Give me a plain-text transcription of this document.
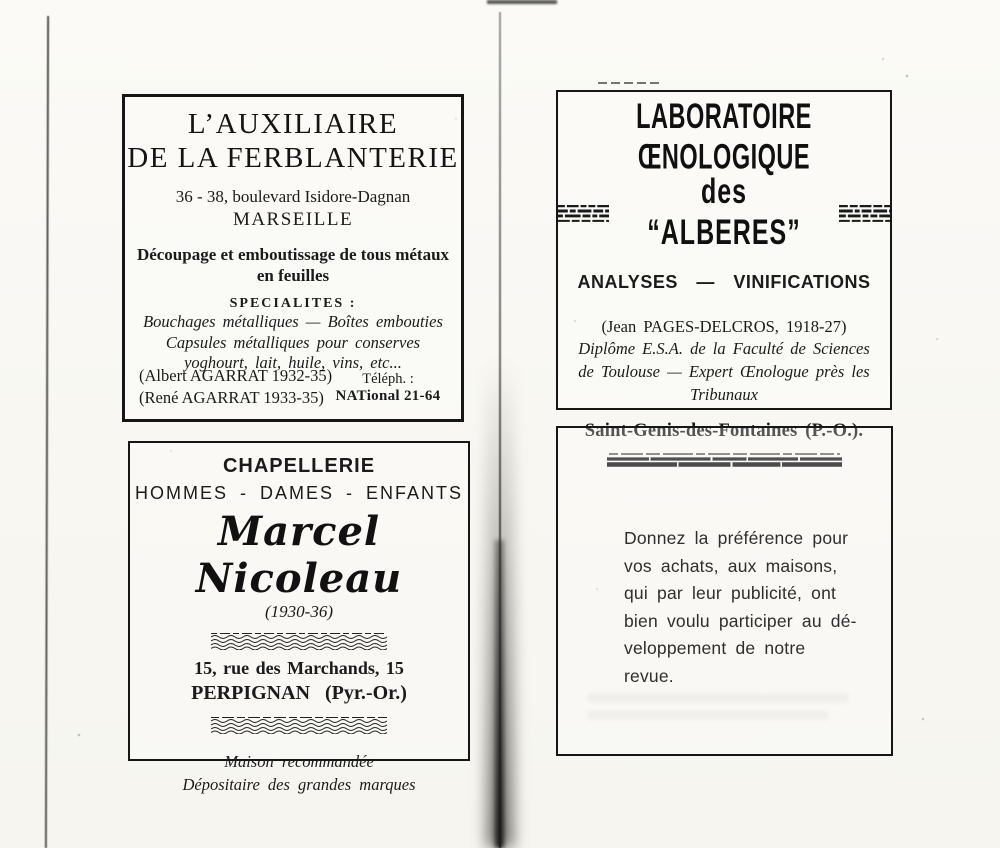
L’AUXILIAIRE
DE LA FERBLANTERIE
36 - 38, boulevard Isidore-Dagnan
MARSEILLE
Découpage et emboutissage de tous métaux
en feuilles
SPECIALITES :
Bouchages métalliques — Boîtes embouties
Capsules métalliques pour conserves
yoghourt, lait, huile, vins, etc...
(Albert AGARRAT 1932-35)
(René AGARRAT 1933-35)
Téléph. :
NATional 21-64
LABORATOIRE ŒNOLOGIQUE
des “ALBERES”
ANALYSES — VINIFICATIONS
(Jean PAGES-DELCROS, 1918-27)
Diplôme E.S.A. de la Faculté de Sciences
de Toulouse — Expert Œnologue près les Tribunaux
Saint-Genis-des-Fontaines (P.-O.).
CHAPELLERIE
HOMMES - DAMES - ENFANTS
Marcel Nicoleau
(1930-36)
15, rue des Marchands, 15
PERPIGNAN (Pyr.-Or.)
Maison recommandée
Dépositaire des grandes marques
Donnez la préférence pour
vos achats, aux maisons,
qui par leur publicité, ont
bien voulu participer au dé-
veloppement de notre revue.
